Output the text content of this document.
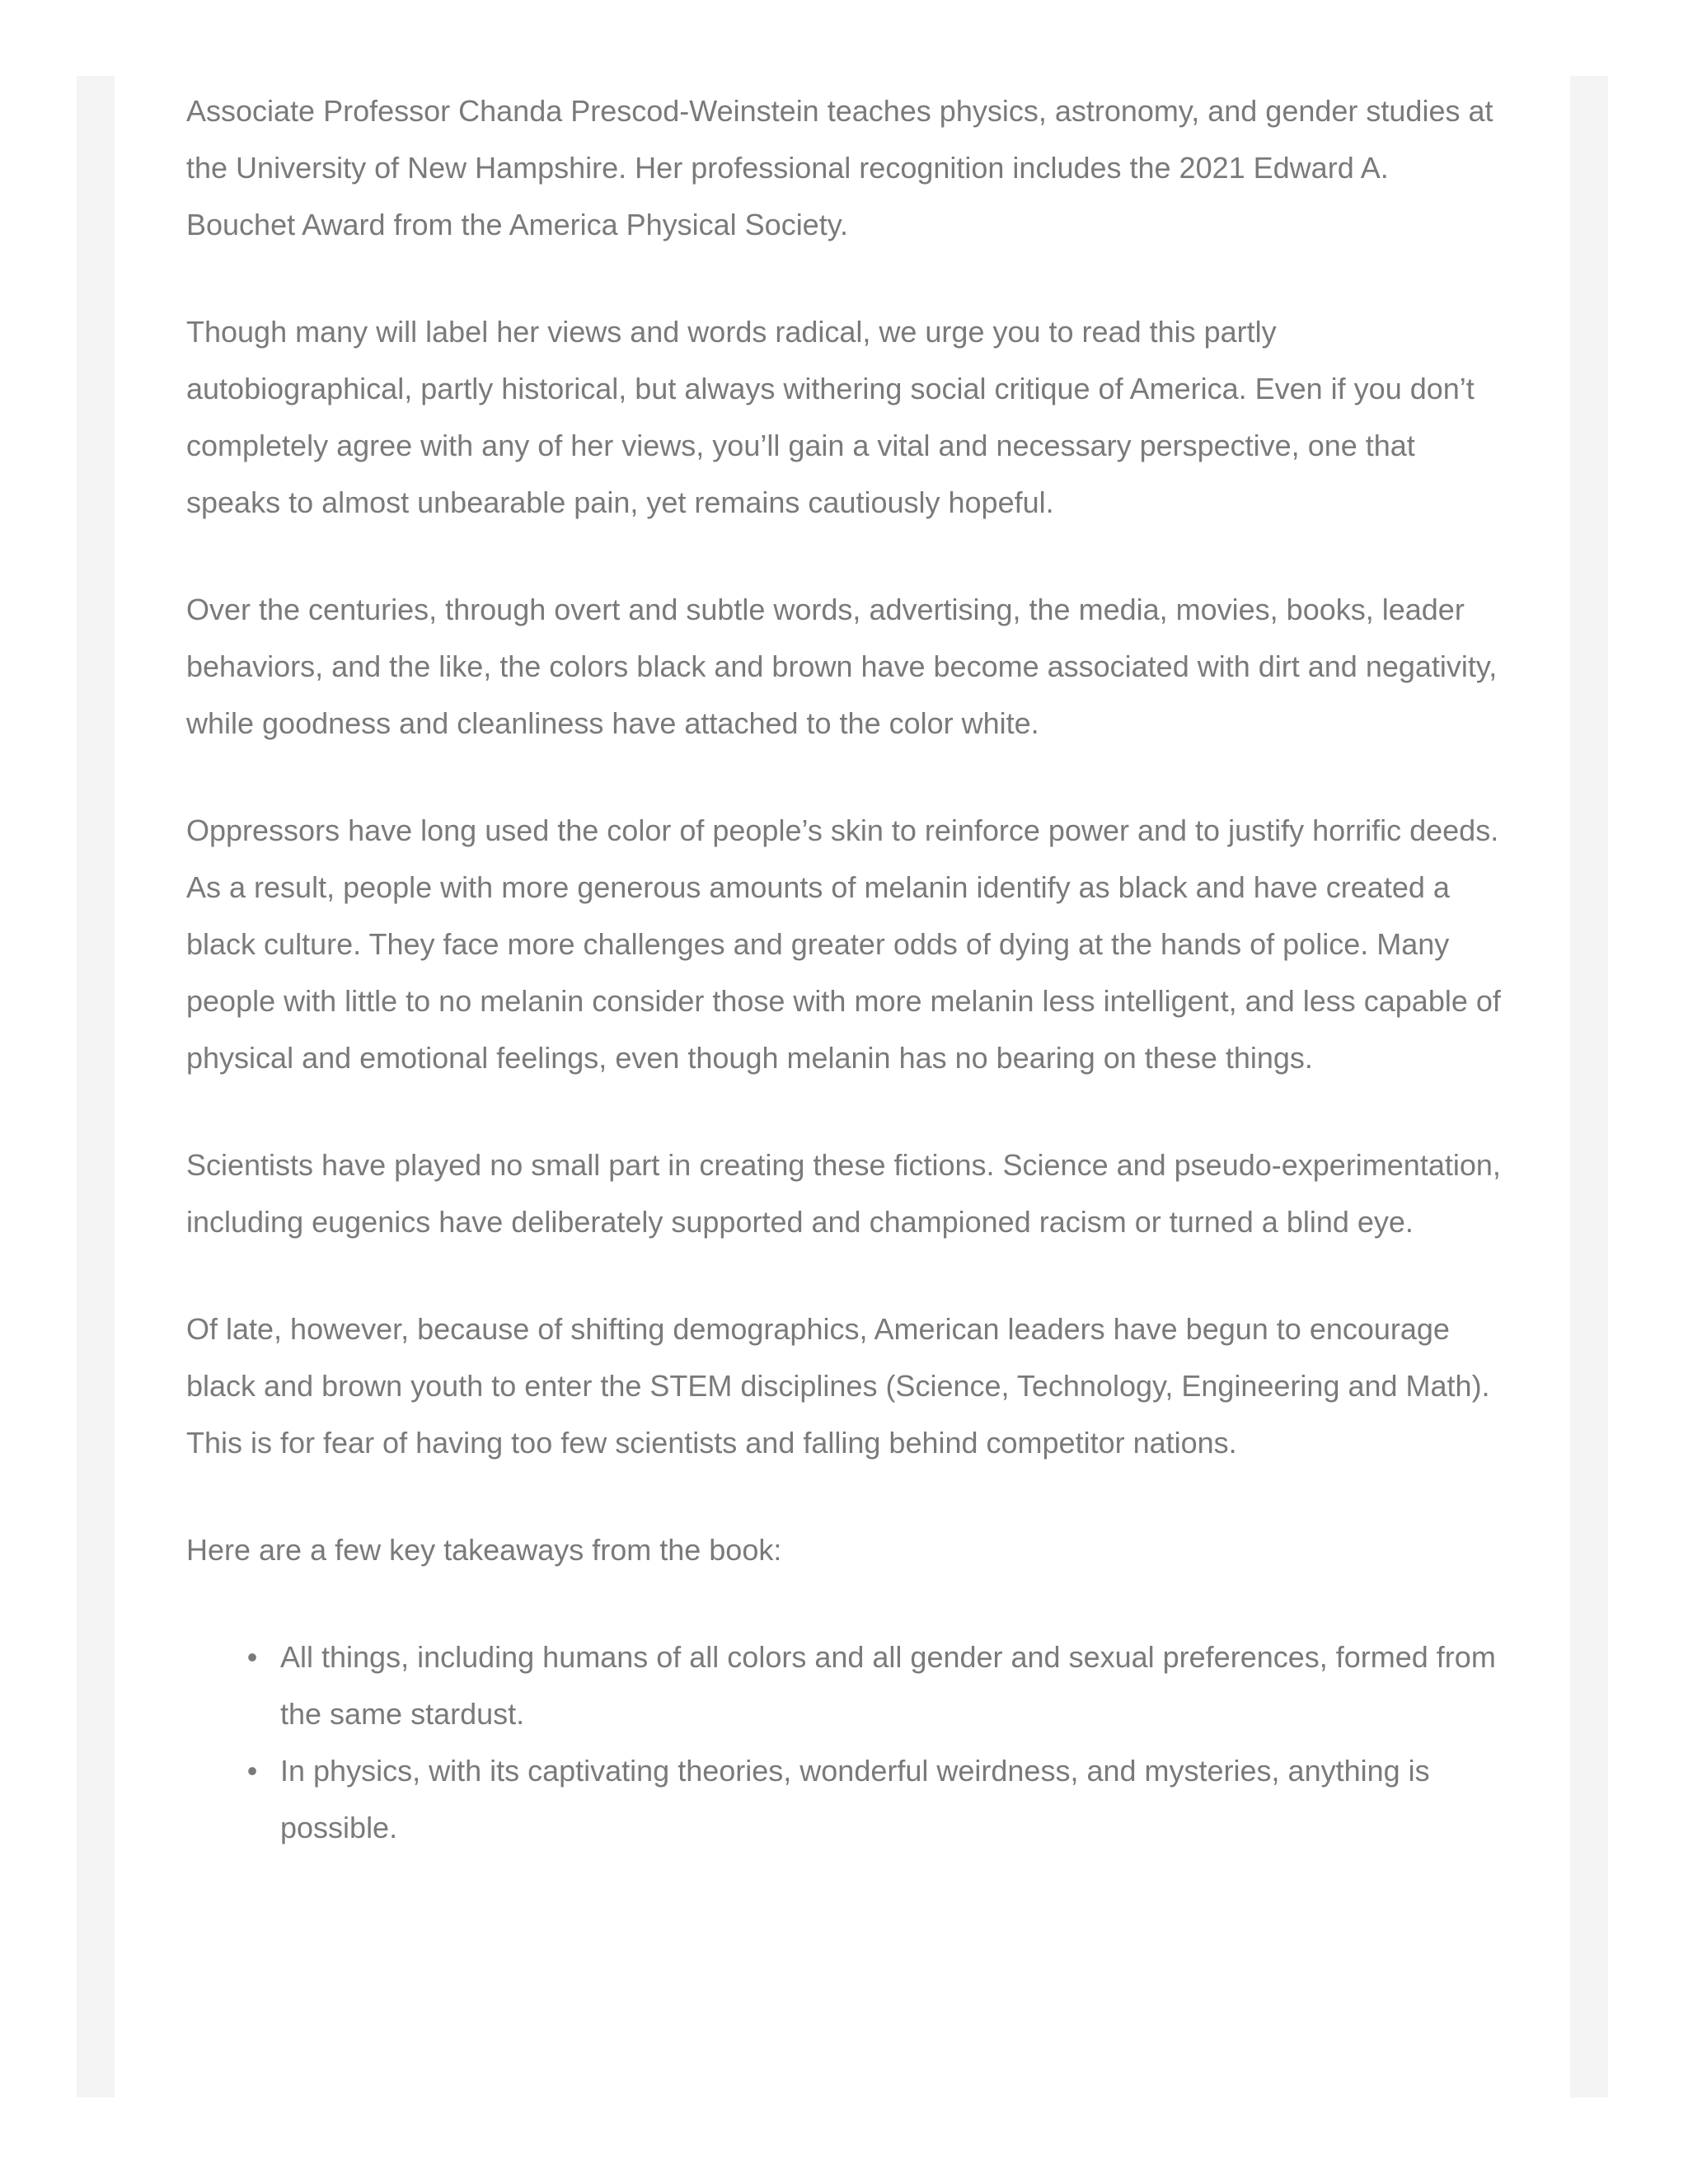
Associate Professor Chanda Prescod-Weinstein teaches physics, astronomy, and gender studies at the University of New Hampshire. Her professional recognition includes the 2021 Edward A. Bouchet Award from the America Physical Society.

Though many will label her views and words radical, we urge you to read this partly autobiographical, partly historical, but always withering social critique of America. Even if you don’t completely agree with any of her views, you’ll gain a vital and necessary perspective, one that speaks to almost unbearable pain, yet remains cautiously hopeful.

Over the centuries, through overt and subtle words, advertising, the media, movies, books, leader behaviors, and the like, the colors black and brown have become associated with dirt and negativity, while goodness and cleanliness have attached to the color white.

Oppressors have long used the color of people’s skin to reinforce power and to justify horrific deeds. As a result, people with more generous amounts of melanin identify as black and have created a black culture. They face more challenges and greater odds of dying at the hands of police. Many people with little to no melanin consider those with more melanin less intelligent, and less capable of physical and emotional feelings, even though melanin has no bearing on these things.

Scientists have played no small part in creating these fictions. Science and pseudo-experimentation, including eugenics have deliberately supported and championed racism or turned a blind eye.

Of late, however, because of shifting demographics, American leaders have begun to encourage black and brown youth to enter the STEM disciplines (Science, Technology, Engineering and Math). This is for fear of having too few scientists and falling behind competitor nations.

Here are a few key takeaways from the book:

• All things, including humans of all colors and all gender and sexual preferences, formed from the same stardust.
• In physics, with its captivating theories, wonderful weirdness, and mysteries, anything is possible.
